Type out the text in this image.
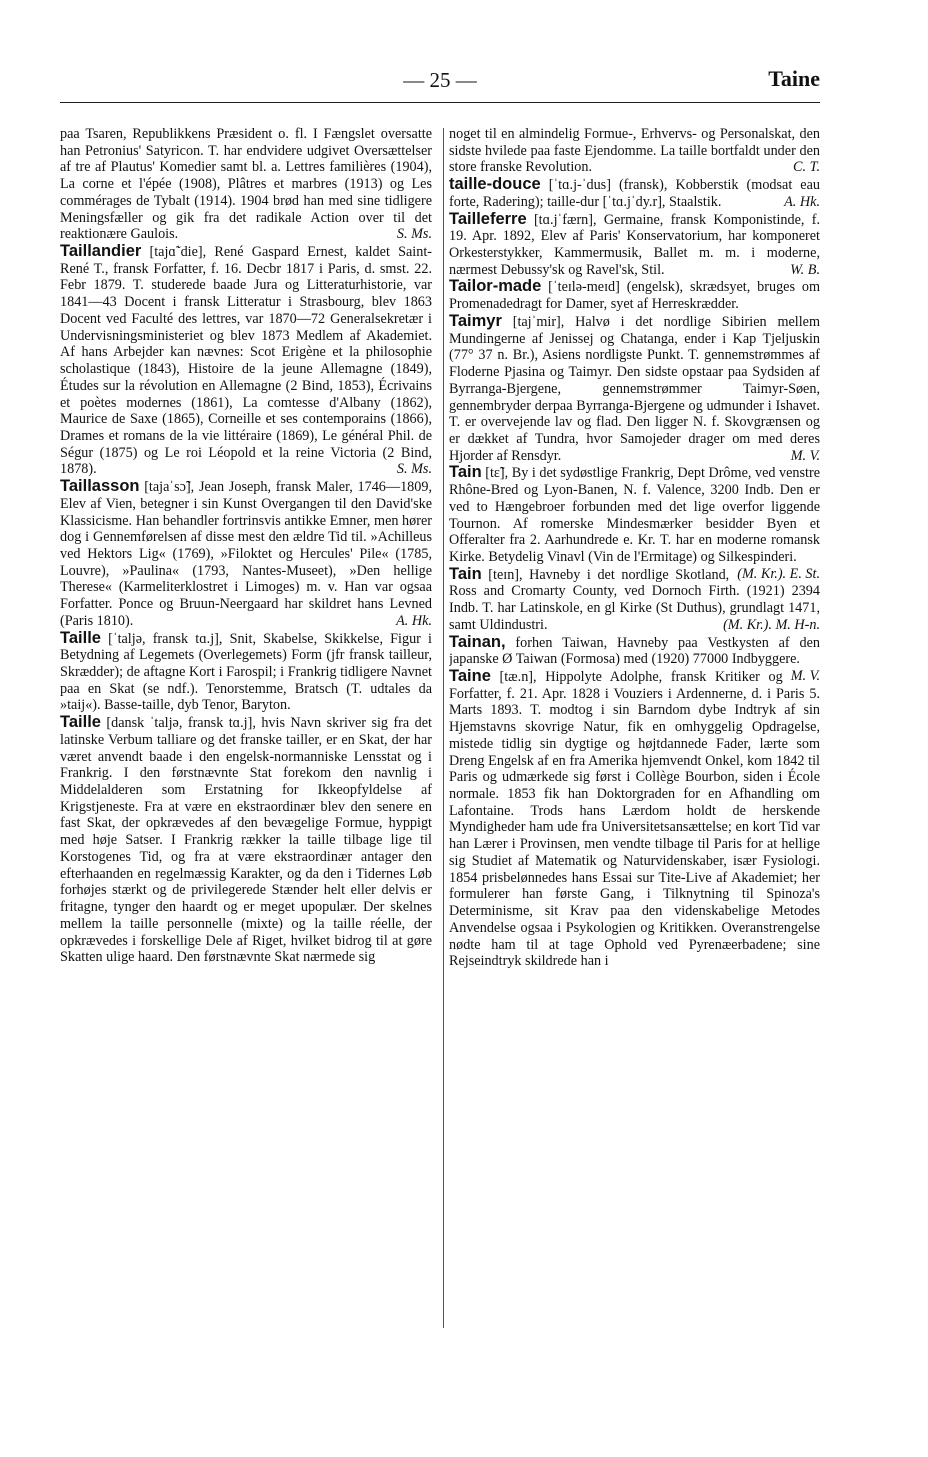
— 25 —	Taine

paa Tsaren, Republikkens Præsident o. fl. I Fængslet oversatte han Petronius' Satyricon. T. har endvidere udgivet Oversættelser af tre af Plautus' Komedier samt bl. a. Lettres familières (1904), La corne et l'épée (1908), Plâtres et marbres (1913) og Les commérages de Tybalt (1914). 1904 brød han med sine tidligere Meningsfæller og gik fra det radikale Action over til det reaktionære Gaulois.	S. Ms.

Taillandier [tajɑ̃ˈdie], René Gaspard Ernest, kaldet Saint-René T., fransk Forfatter, f. 16. Decbr 1817 i Paris, d. smst. 22. Febr 1879. T. studerede baade Jura og Litteraturhistorie, var 1841—43 Docent i fransk Litteratur i Strasbourg, blev 1863 Docent ved Faculté des lettres, var 1870—72 Generalsekretær i Undervisningsministeriet og blev 1873 Medlem af Akademiet. Af hans Arbejder kan nævnes: Scot Erigène et la philosophie scholastique (1843), Histoire de la jeune Allemagne (1849), Études sur la révolution en Allemagne (2 Bind, 1853), Écrivains et poètes modernes (1861), La comtesse d'Albany (1862), Maurice de Saxe (1865), Corneille et ses contemporains (1866), Drames et romans de la vie littéraire (1869), Le général Phil. de Ségur (1875) og Le roi Léopold et la reine Victoria (2 Bind, 1878).	S. Ms.

Taillasson [tajaˈsɔ̃], Jean Joseph, fransk Maler, 1746—1809, Elev af Vien, betegner i sin Kunst Overgangen til den David'ske Klassicisme. Han behandler fortrinsvis antikke Emner, men hører dog i Gennemførelsen af disse mest den ældre Tid til. »Achilleus ved Hektors Lig« (1769), »Filoktet og Hercules' Pile« (1785, Louvre), »Paulina« (1793, Nantes-Museet), »Den hellige Therese« (Karmeliterklostret i Limoges) m. v. Han var ogsaa Forfatter. Ponce og Bruun-Neergaard har skildret hans Levned (Paris 1810).	A. Hk.

Taille [ˈtaljə, fransk tɑ.j], Snit, Skabelse, Skikkelse, Figur i Betydning af Legemets (Overlegemets) Form (jfr fransk tailleur, Skrædder); de aftagne Kort i Farospil; i Frankrig tidligere Navnet paa en Skat (se ndf.). Tenorstemme, Bratsch (T. udtales da »taij«). Basse-taille, dyb Tenor, Baryton.

Taille [dansk ˈtaljə, fransk tɑ.j], hvis Navn skriver sig fra det latinske Verbum talliare og det franske tailler, er en Skat, der har været anvendt baade i den engelsk-normanniske Lensstat og i Frankrig. I den førstnævnte Stat forekom den navnlig i Middelalderen som Erstatning for Ikkeopfyldelse af Krigstjeneste. Fra at være en ekstraordinær blev den senere en fast Skat, der opkrævedes af den bevægelige Formue, hyppigt med høje Satser. I Frankrig rækker la taille tilbage lige til Korstogenes Tid, og fra at være ekstraordinær antager den efterhaanden en regelmæssig Karakter, og da den i Tidernes Løb forhøjes stærkt og de privilegerede Stænder helt eller delvis er fritagne, tynger den haardt og er meget upopulær. Der skelnes mellem la taille personnelle (mixte) og la taille réelle, der opkrævedes i forskellige Dele af Riget, hvilket bidrog til at gøre Skatten ulige haard. Den førstnævnte Skat nærmede sig

noget til en almindelig Formue-, Erhvervs- og Personalskat, den sidste hvilede paa faste Ejendomme. La taille bortfaldt under den store franske Revolution.	C. T.

taille-douce [ˈtɑ.j-ˈdus] (fransk), Kobberstik (modsat eau forte, Radering); taille-dur [ˈtɑ.jˈdy.r], Staalstik.	A. Hk.

Tailleferre [tɑ.jˈfærn], Germaine, fransk Komponistinde, f. 19. Apr. 1892, Elev af Paris' Konservatorium, har komponeret Orkesterstykker, Kammermusik, Ballet m. m. i moderne, nærmest Debussy'sk og Ravel'sk, Stil.	W. B.

Tailor-made [ˈteɪlə-meɪd] (engelsk), skrædsyet, bruges om Promenadedragt for Damer, syet af Herreskrædder.

Taimyr [tajˈmir], Halvø i det nordlige Sibirien mellem Mundingerne af Jenissej og Chatanga, ender i Kap Tjeljuskin (77° 37 n. Br.), Asiens nordligste Punkt. T. gennemstrømmes af Floderne Pjasina og Taimyr. Den sidste opstaar paa Sydsiden af Byrranga-Bjergene, gennemstrømmer Taimyr-Søen, gennembryder derpaa Byrranga-Bjergene og udmunder i Ishavet. T. er overvejende lav og flad. Den ligger N. f. Skovgrænsen og er dækket af Tundra, hvor Samojeder drager om med deres Hjorder af Rensdyr.	M. V.

Tain [tɛ̃], By i det sydøstlige Frankrig, Dept Drôme, ved venstre Rhône-Bred og Lyon-Banen, N. f. Valence, 3200 Indb. Den er ved to Hængebroer forbunden med det lige overfor liggende Tournon. Af romerske Mindesmærker besidder Byen et Offeralter fra 2. Aarhundrede e. Kr. T. har en moderne romansk Kirke. Betydelig Vinavl (Vin de l'Ermitage) og Silkespinderi.
(M. Kr.). E. St.

Tain [teɪn], Havneby i det nordlige Skotland, Ross and Cromarty County, ved Dornoch Firth. (1921) 2394 Indb. T. har Latinskole, en gl Kirke (St Duthus), grundlagt 1471, samt Uldindustri.	(M. Kr.). M. H-n.

Tainan, forhen Taiwan, Havneby paa Vestkysten af den japanske Ø Taiwan (Formosa) med (1920) 77000 Indbyggere.
M. V.

Taine [tæ.n], Hippolyte Adolphe, fransk Kritiker og Forfatter, f. 21. Apr. 1828 i Vouziers i Ardennerne, d. i Paris 5. Marts 1893. T. modtog i sin Barndom dybe Indtryk af sin Hjemstavns skovrige Natur, fik en omhyggelig Opdragelse, mistede tidlig sin dygtige og højtdannede Fader, lærte som Dreng Engelsk af en fra Amerika hjemvendt Onkel, kom 1842 til Paris og udmærkede sig først i Collège Bourbon, siden i École normale. 1853 fik han Doktorgraden for en Afhandling om Lafontaine. Trods hans Lærdom holdt de herskende Myndigheder ham ude fra Universitetsansættelse; en kort Tid var han Lærer i Provinsen, men vendte tilbage til Paris for at hellige sig Studiet af Matematik og Naturvidenskaber, især Fysiologi. 1854 prisbelønnedes hans Essai sur Tite-Live af Akademiet; her formulerer han første Gang, i Tilknytning til Spinoza's Determinisme, sit Krav paa den videnskabelige Metodes Anvendelse ogsaa i Psykologien og Kritikken. Overanstrengelse nødte ham til at tage Ophold ved Pyrenæerbadene; sine Rejseindtryk skildrede han i
